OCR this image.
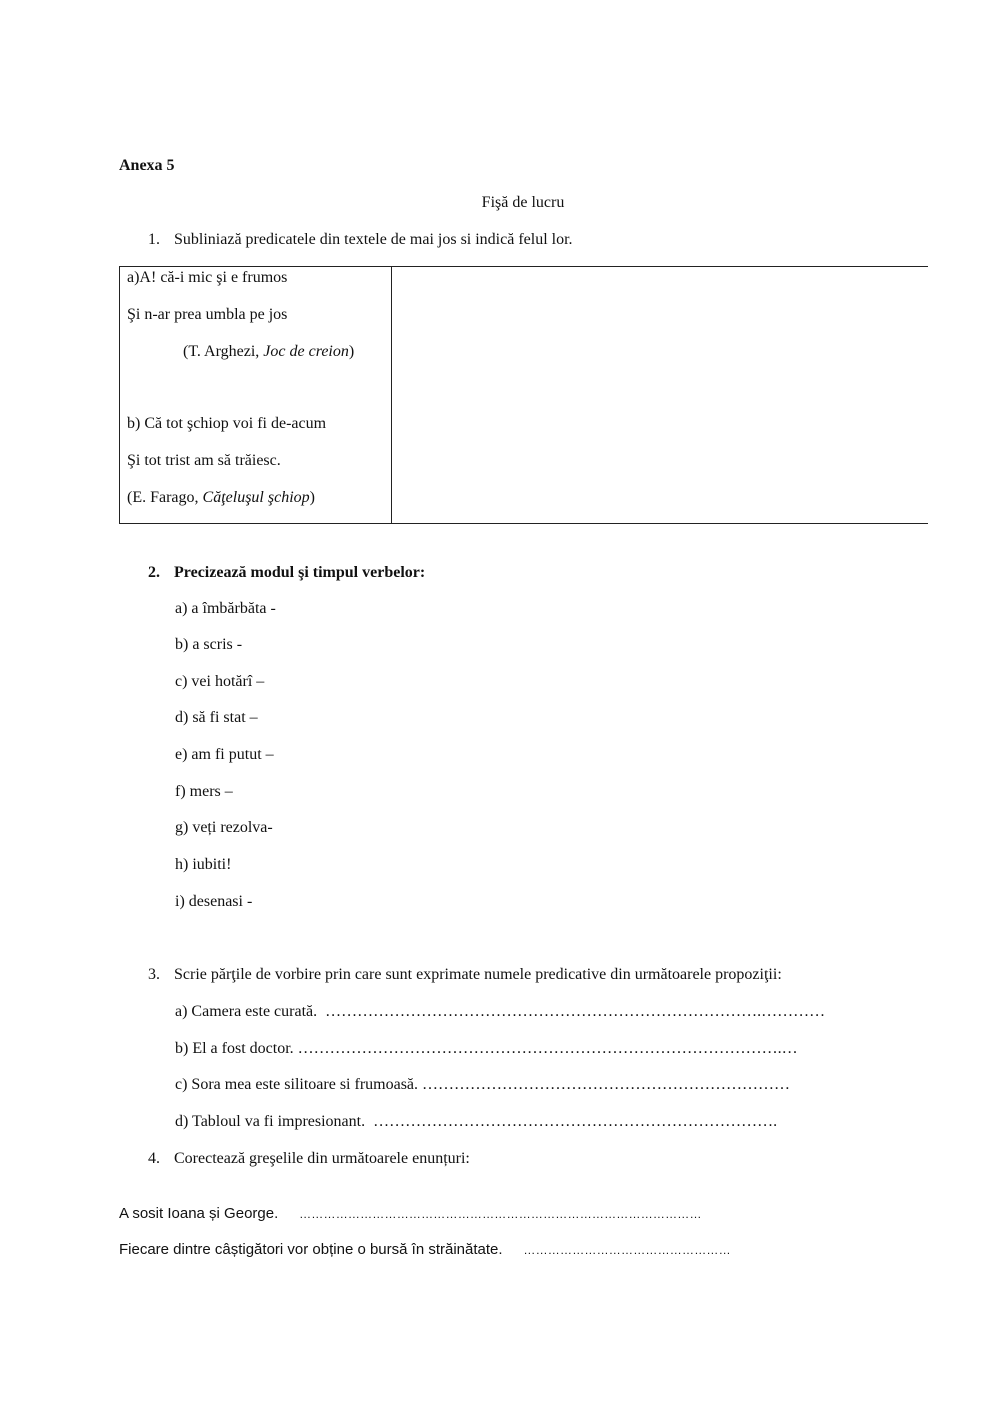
Anexa 5
Fişă de lucru
1. Subliniază predicatele din textele de mai jos si indică felul lor.
a)A! că-i mic şi e frumos
Şi n-ar prea umbla pe jos
(T. Arghezi, Joc de creion)
b) Că tot şchiop voi fi de-acum
Şi tot trist am să trăiesc.
(E. Farago, Căţeluşul şchiop)

2. Precizează modul şi timpul verbelor:
a) a îmbărbăta -
b) a scris -
c) vei hotărî –
d) să fi stat –
e) am fi putut –
f) mers –
g) veți rezolva-
h) iubiti!
i) desenasi -
3. Scrie părţile de vorbire prin care sunt exprimate numele predicative din următoarele propoziţii:
a) Camera este curată. ……………………………………………………………………….…………
b) El a fost doctor. ……………………………………………………………………………….…
c) Sora mea este silitoare si frumoasă. ……………………………………………………………
d) Tabloul va fi impresionant. ………………………………………………………………….
4. Corectează greşelile din următoarele enunțuri:
A sosit Ioana și George. ………………………………………………………………………………………
Fiecare dintre câștigători vor obține o bursă în străinătate. ……………………………………………
